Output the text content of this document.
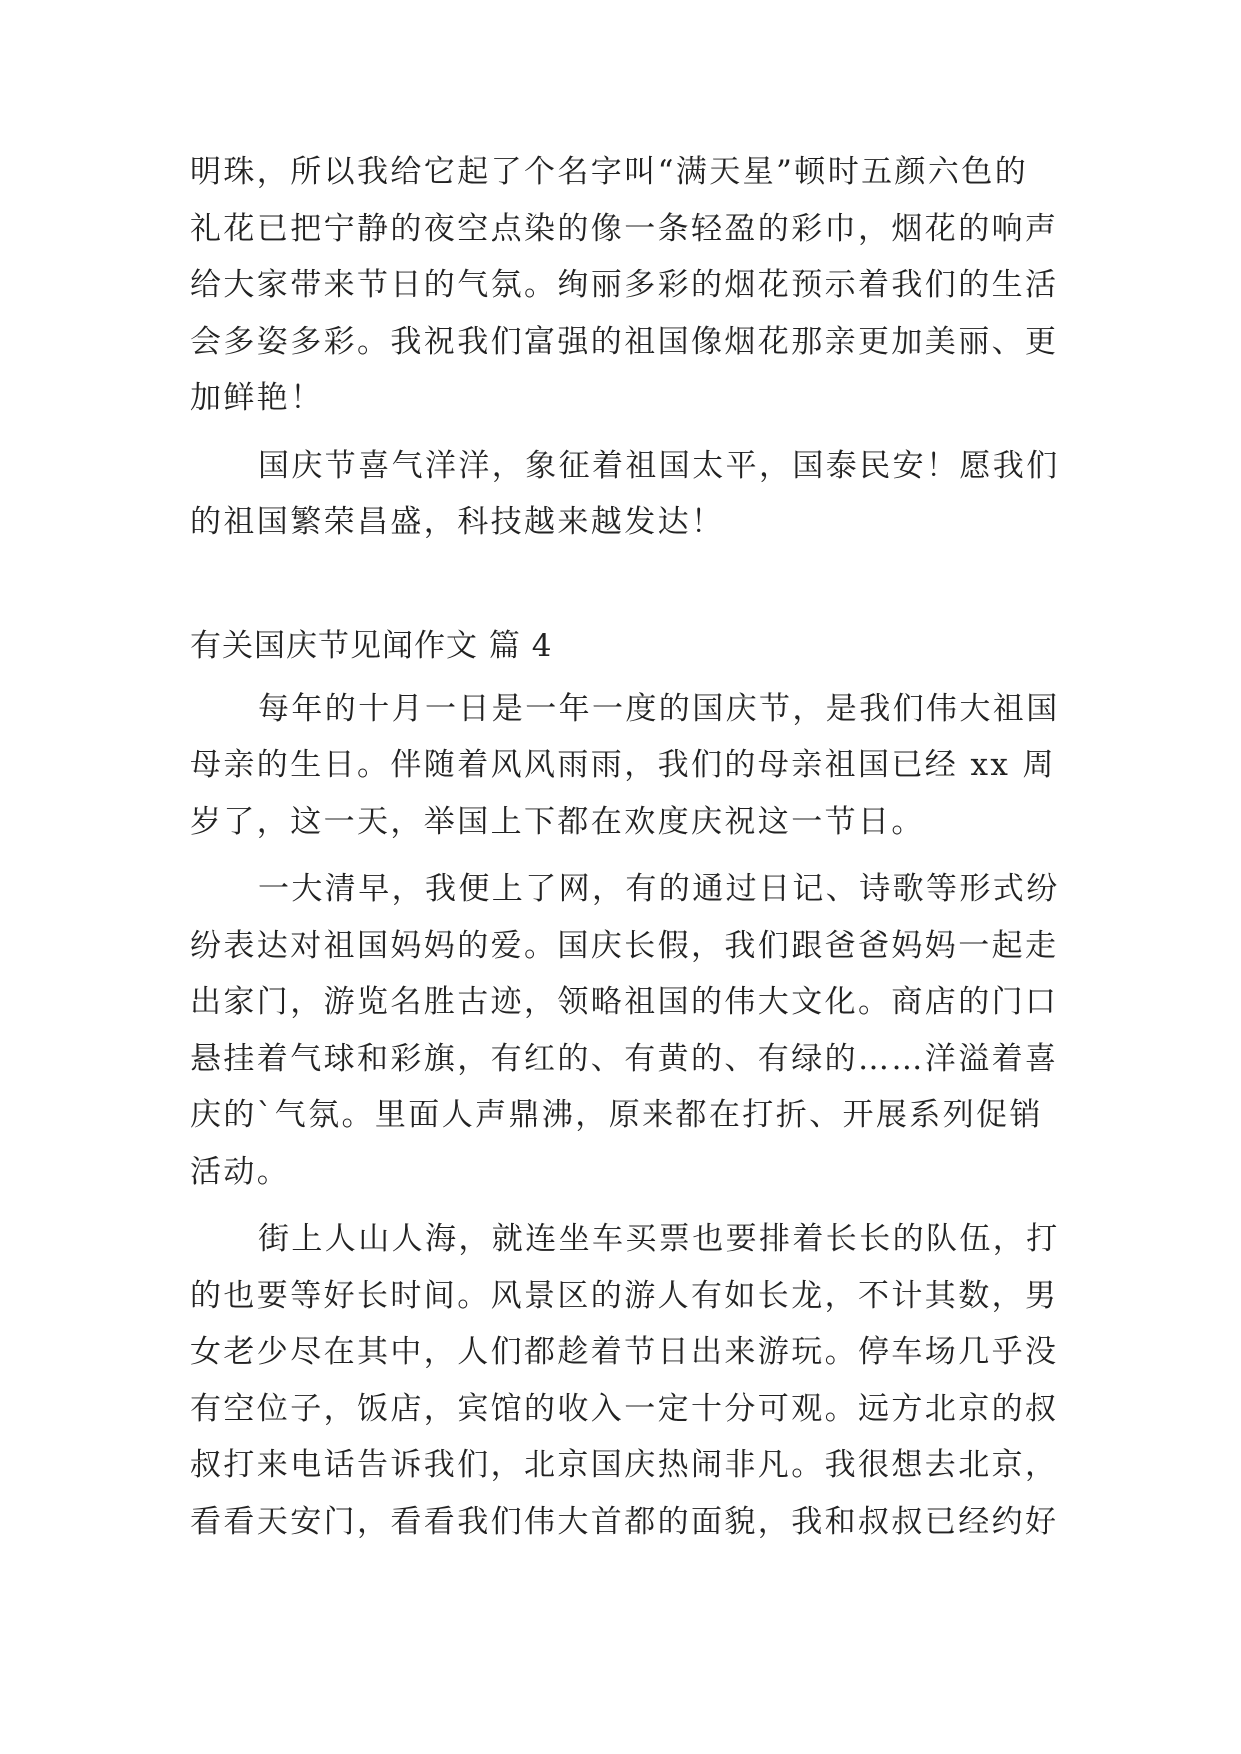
明珠，所以我给它起了个名字叫“满天星”顿时五颜六色的
礼花已把宁静的夜空点染的像一条轻盈的彩巾，烟花的响声
给大家带来节日的气氛。绚丽多彩的烟花预示着我们的生活
会多姿多彩。我祝我们富强的祖国像烟花那亲更加美丽、更
加鲜艳！
国庆节喜气洋洋，象征着祖国太平，国泰民安！愿我们
的祖国繁荣昌盛，科技越来越发达！
有关国庆节见闻作文 篇 4
每年的十月一日是一年一度的国庆节，是我们伟大祖国
母亲的生日。伴随着风风雨雨，我们的母亲祖国已经 xx 周
岁了，这一天，举国上下都在欢度庆祝这一节日。
一大清早，我便上了网，有的通过日记、诗歌等形式纷
纷表达对祖国妈妈的爱。国庆长假，我们跟爸爸妈妈一起走
出家门，游览名胜古迹，领略祖国的伟大文化。商店的门口
悬挂着气球和彩旗，有红的、有黄的、有绿的……洋溢着喜
庆的`气氛。里面人声鼎沸，原来都在打折、开展系列促销
活动。
街上人山人海，就连坐车买票也要排着长长的队伍，打
的也要等好长时间。风景区的游人有如长龙，不计其数，男
女老少尽在其中，人们都趁着节日出来游玩。停车场几乎没
有空位子，饭店，宾馆的收入一定十分可观。远方北京的叔
叔打来电话告诉我们，北京国庆热闹非凡。我很想去北京，
看看天安门，看看我们伟大首都的面貌，我和叔叔已经约好
